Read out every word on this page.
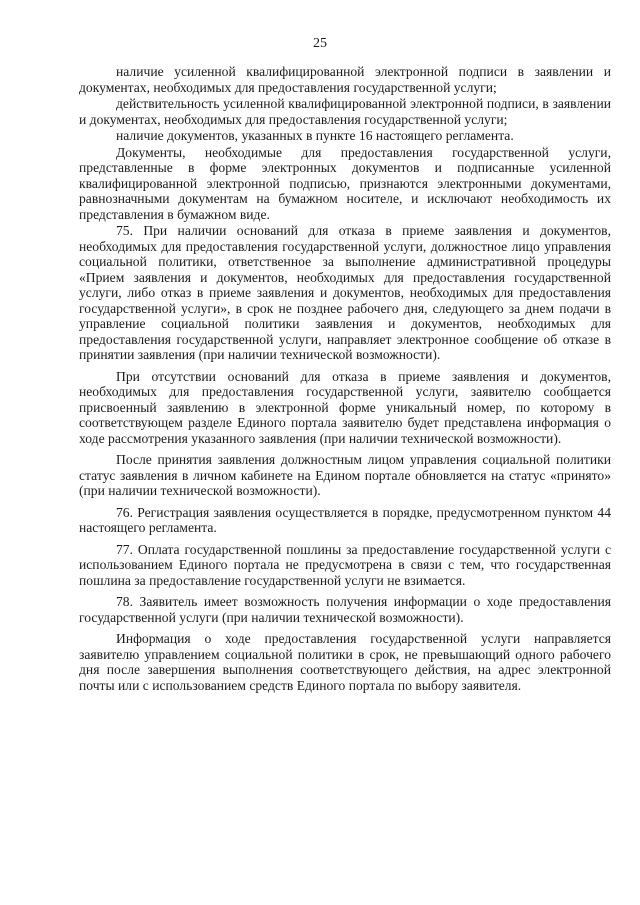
25

наличие усиленной квалифицированной электронной подписи в заявлении и документах, необходимых для предоставления государственной услуги;

действительность усиленной квалифицированной электронной подписи, в заявлении и документах, необходимых для предоставления государственной услуги;

наличие документов, указанных в пункте 16 настоящего регламента.

Документы, необходимые для предоставления государственной услуги, представленные в форме электронных документов и подписанные усиленной квалифицированной электронной подписью, признаются электронными документами, равнозначными документам на бумажном носителе, и исключают необходимость их представления в бумажном виде.

75. При наличии оснований для отказа в приеме заявления и документов, необходимых для предоставления государственной услуги, должностное лицо управления социальной политики, ответственное за выполнение административной процедуры «Прием заявления и документов, необходимых для предоставления государственной услуги, либо отказ в приеме заявления и документов, необходимых для предоставления государственной услуги», в срок не позднее рабочего дня, следующего за днем подачи в управление социальной политики заявления и документов, необходимых для предоставления государственной услуги, направляет электронное сообщение об отказе в принятии заявления (при наличии технической возможности).

При отсутствии оснований для отказа в приеме заявления и документов, необходимых для предоставления государственной услуги, заявителю сообщается присвоенный заявлению в электронной форме уникальный номер, по которому в соответствующем разделе Единого портала заявителю будет представлена информация о ходе рассмотрения указанного заявления (при наличии технической возможности).

После принятия заявления должностным лицом управления социальной политики статус заявления в личном кабинете на Едином портале обновляется на статус «принято» (при наличии технической возможности).

76. Регистрация заявления осуществляется в порядке, предусмотренном пунктом 44 настоящего регламента.

77. Оплата государственной пошлины за предоставление государственной услуги с использованием Единого портала не предусмотрена в связи с тем, что государственная пошлина за предоставление государственной услуги не взимается.

78. Заявитель имеет возможность получения информации о ходе предоставления государственной услуги (при наличии технической возможности).

Информация о ходе предоставления государственной услуги направляется заявителю управлением социальной политики в срок, не превышающий одного рабочего дня после завершения выполнения соответствующего действия, на адрес электронной почты или с использованием средств Единого портала по выбору заявителя.
